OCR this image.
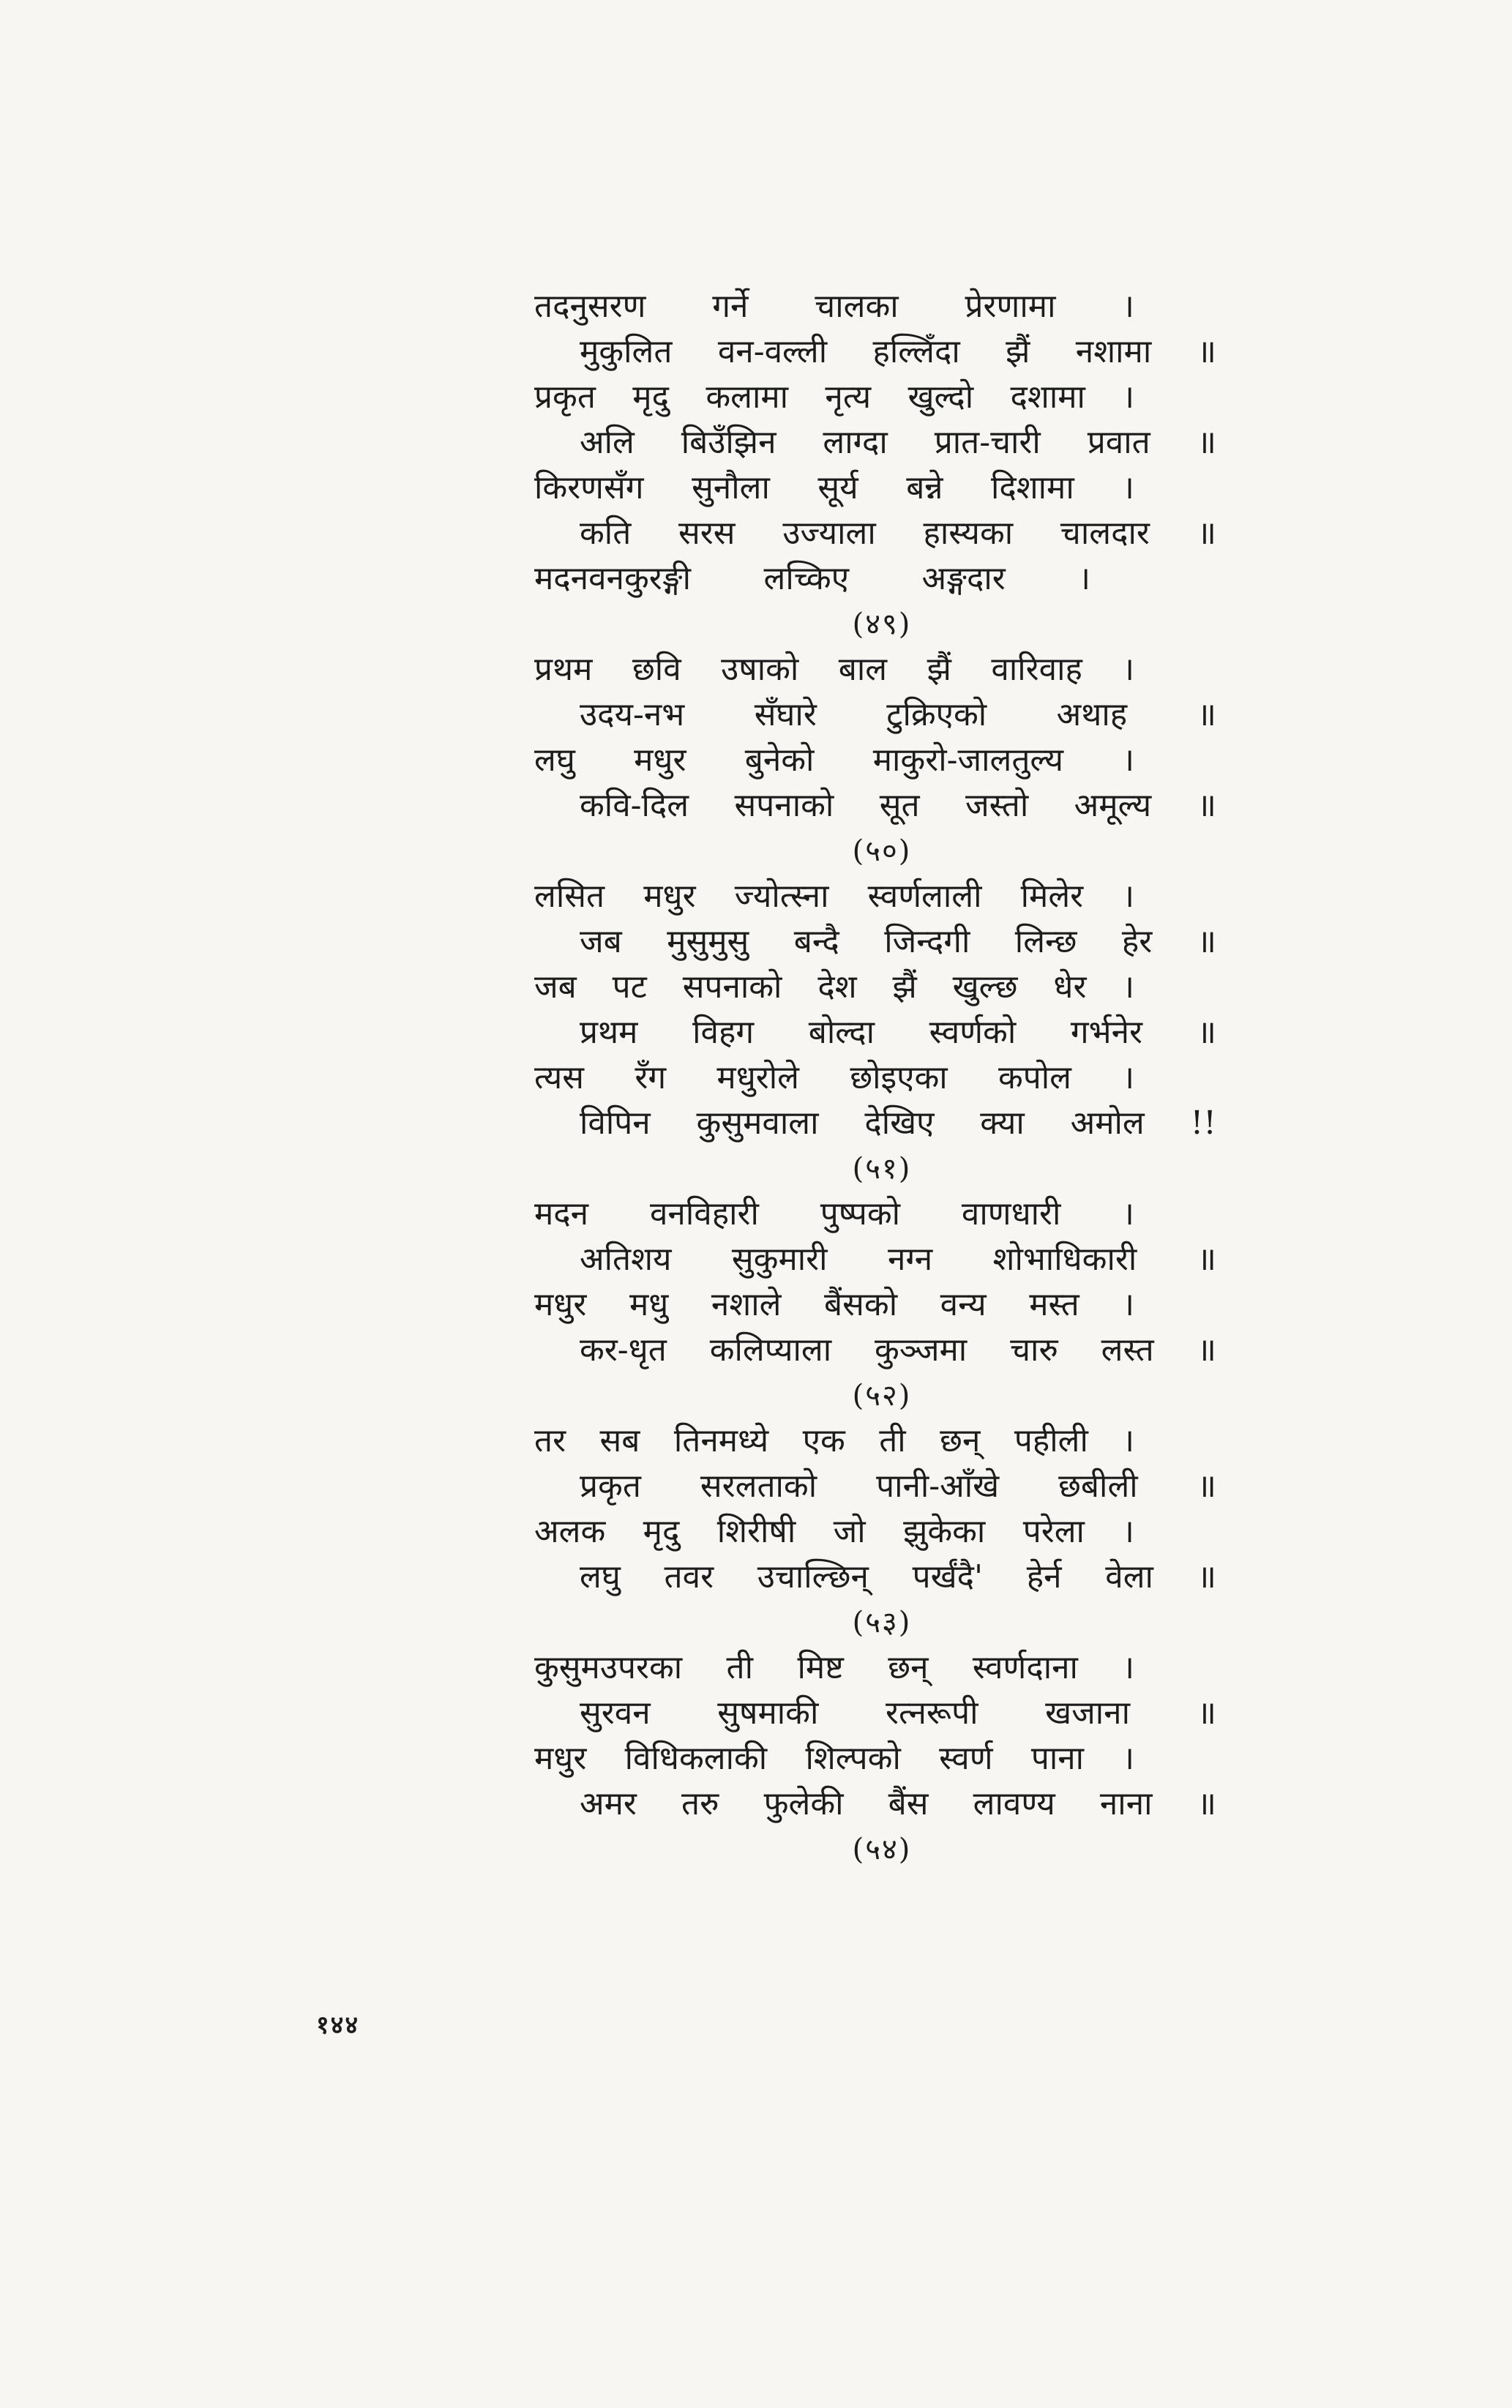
तदनुसरण गर्ने चालका प्रेरणामा ।
मुकुलित वन-वल्ली हल्लिँदा झैं नशामा ॥
प्रकृत मृदु कलामा नृत्य खुल्दो दशामा ।
अलि बिउँझिन लाग्दा प्रात-चारी प्रवात ॥
किरणसँग सुनौला सूर्य बन्ने दिशामा ।
कति सरस उज्याला हास्यका चालदार ॥
मदनवनकुरङ्गी लच्किए अङ्गदार ।
(४९)
प्रथम छवि उषाको बाल झैं वारिवाह ।
उदय-नभ सँघारे टुक्रिएको अथाह ॥
लघु मधुर बुनेको माकुरो-जालतुल्य ।
कवि-दिल सपनाको सूत जस्तो अमूल्य ॥
(५०)
लसित मधुर ज्योत्स्ना स्वर्णलाली मिलेर ।
जब मुसुमुसु बन्दै जिन्दगी लिन्छ हेर ॥
जब पट सपनाको देश झैं खुल्छ धेर ।
प्रथम विहग बोल्दा स्वर्णको गर्भनेर ॥
त्यस रँग मधुरोले छोइएका कपोल ।
विपिन कुसुमवाला देखिए क्या अमोल !!
(५१)
मदन वनविहारी पुष्पको वाणधारी ।
अतिशय सुकुमारी नग्न शोभाधिकारी ॥
मधुर मधु नशाले बैंसको वन्य मस्त ।
कर-धृत कलिप्याला कुञ्जमा चारु लस्त ॥
(५२)
तर सब तिनमध्ये एक ती छन् पहीली ।
प्रकृत सरलताको पानी-आँखे छबीली ॥
अलक मृदु शिरीषी जो झुकेका परेला ।
लघु तवर उचाल्छिन् पर्खंदै' हेर्न वेला ॥
(५३)
कुसुमउपरका ती मिष्ट छन् स्वर्णदाना ।
सुरवन सुषमाकी रत्नरूपी खजाना ॥
मधुर विधिकलाकी शिल्पको स्वर्ण पाना ।
अमर तरु फुलेकी बैंस लावण्य नाना ॥
(५४)
१४४
